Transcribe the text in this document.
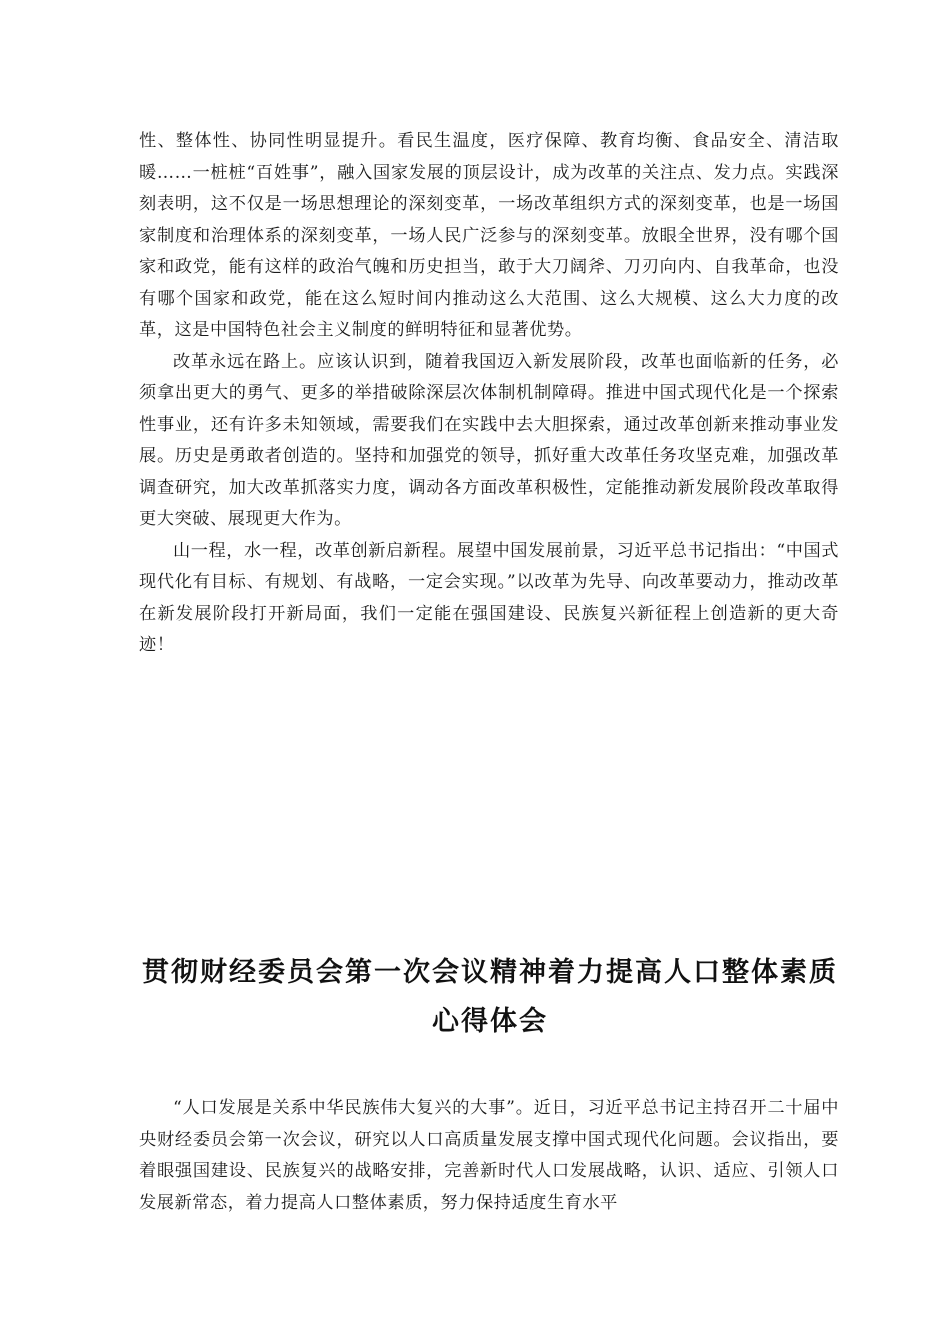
性、整体性、协同性明显提升。看民生温度，医疗保障、教育均衡、食品安全、清洁取暖……一桩桩“百姓事”，融入国家发展的顶层设计，成为改革的关注点、发力点。实践深刻表明，这不仅是一场思想理论的深刻变革，一场改革组织方式的深刻变革，也是一场国家制度和治理体系的深刻变革，一场人民广泛参与的深刻变革。放眼全世界，没有哪个国家和政党，能有这样的政治气魄和历史担当，敢于大刀阔斧、刀刃向内、自我革命，也没有哪个国家和政党，能在这么短时间内推动这么大范围、这么大规模、这么大力度的改革，这是中国特色社会主义制度的鲜明特征和显著优势。

改革永远在路上。应该认识到，随着我国迈入新发展阶段，改革也面临新的任务，必须拿出更大的勇气、更多的举措破除深层次体制机制障碍。推进中国式现代化是一个探索性事业，还有许多未知领域，需要我们在实践中去大胆探索，通过改革创新来推动事业发展。历史是勇敢者创造的。坚持和加强党的领导，抓好重大改革任务攻坚克难，加强改革调查研究，加大改革抓落实力度，调动各方面改革积极性，定能推动新发展阶段改革取得更大突破、展现更大作为。

山一程，水一程，改革创新启新程。展望中国发展前景，习近平总书记指出：“中国式现代化有目标、有规划、有战略，一定会实现。”以改革为先导、向改革要动力，推动改革在新发展阶段打开新局面，我们一定能在强国建设、民族复兴新征程上创造新的更大奇迹！

贯彻财经委员会第一次会议精神着力提高人口整体素质
心得体会

“人口发展是关系中华民族伟大复兴的大事”。近日，习近平总书记主持召开二十届中央财经委员会第一次会议，研究以人口高质量发展支撑中国式现代化问题。会议指出，要着眼强国建设、民族复兴的战略安排，完善新时代人口发展战略，认识、适应、引领人口发展新常态，着力提高人口整体素质，努力保持适度生育水平
